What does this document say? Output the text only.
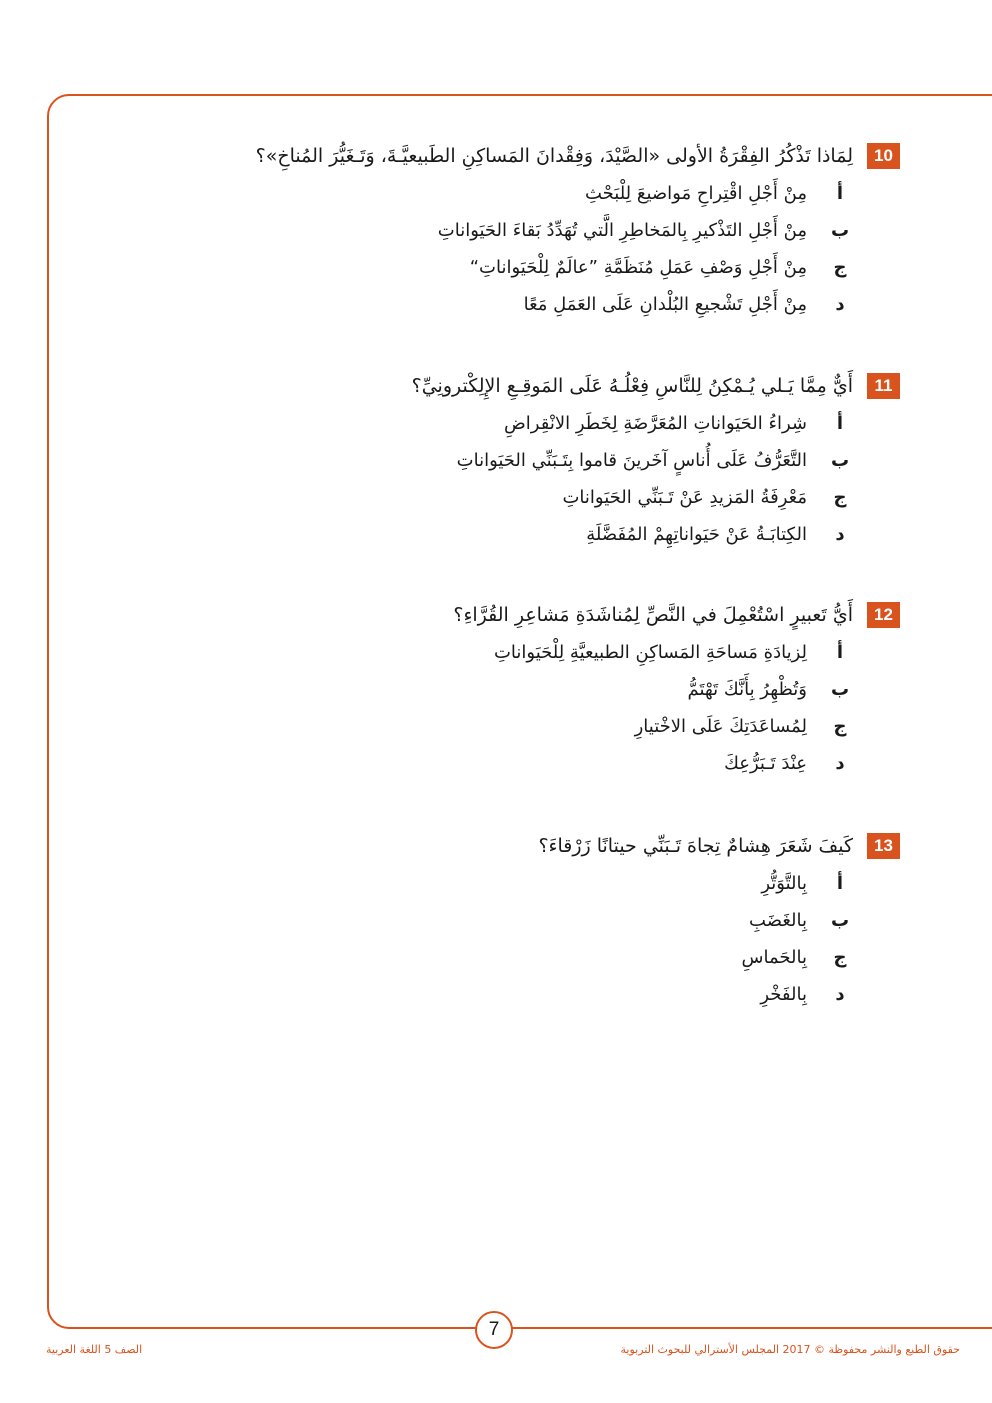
10
لِمَاذا تَذْكُرُ الفِقْرَةُ الأولى «الصَّيْدَ، وَفِقْدانَ المَساكِنِ الطَبيعيَّـةَ، وَتَـغَيُّرَ المُناخِ»؟
أ
مِنْ أَجْلِ اقْتِراحِ مَواضيعَ لِلْبَحْثِ
ب
مِنْ أَجْلِ التَذْكيرِ بِالمَخاطِرِ الَّتي تُهَدِّدُ بَقاءَ الحَيَواناتِ
ج
مِنْ أَجْلِ وَصْفِ عَمَلِ مُنَظَمَّةِ ”عالَمٌ لِلْحَيَواناتِ“
د
مِنْ أَجْلِ تَشْجيعِ البُلْدانِ عَلَى العَمَلِ مَعًا
11
أَيٌّ مِمَّا يَـلي يُـمْكِنُ لِلنَّاسِ فِعْلُـهُ عَلَى المَوقِـعِ الإِلِكْترونِيِّ؟
أ
شِراءُ الحَيَواناتِ المُعَرَّضَةِ لِخَطَرِ الانْقِراضِ
ب
التَّعَرُّفُ عَلَى أُناسٍ آخَرينَ قاموا بِتَـبَنِّي الحَيَواناتِ
ج
مَعْرِفَةُ المَزيدِ عَنْ تَـبَنِّي الحَيَواناتِ
د
الكِتابَـةُ عَنْ حَيَواناتِهِمْ المُفَضَّلَةِ
12
أَيُّ تَعبيرٍ اسْتُعْمِلَ في النَّصِّ لِمُناشَدَةِ مَشاعِرِ القُرَّاءِ؟
أ
لِزيادَةِ مَساحَةِ المَساكِنِ الطبيعيَّةِ لِلْحَيَواناتِ
ب
وَتُظْهِرُ بِأَنَّكَ تَهْتَمُّ
ج
لِمُساعَدَتِكَ عَلَى الاخْتيارِ
د
عِنْدَ تَـبَرُّعِكَ
13
كَيفَ شَعَرَ هِشامٌ تِجاهَ تَـبَنِّي حيتانًا زَرْقاءَ؟
أ
بِالتَّوَتُّرِ
ب
بِالغَضَبِ
ج
بِالحَماسِ
د
بِالفَخْرِ
7
حقوق الطبع والنشر محفوظة © 2017 المجلس الأسترالي للبحوث التربوية
الصف 5 اللغة العربية
